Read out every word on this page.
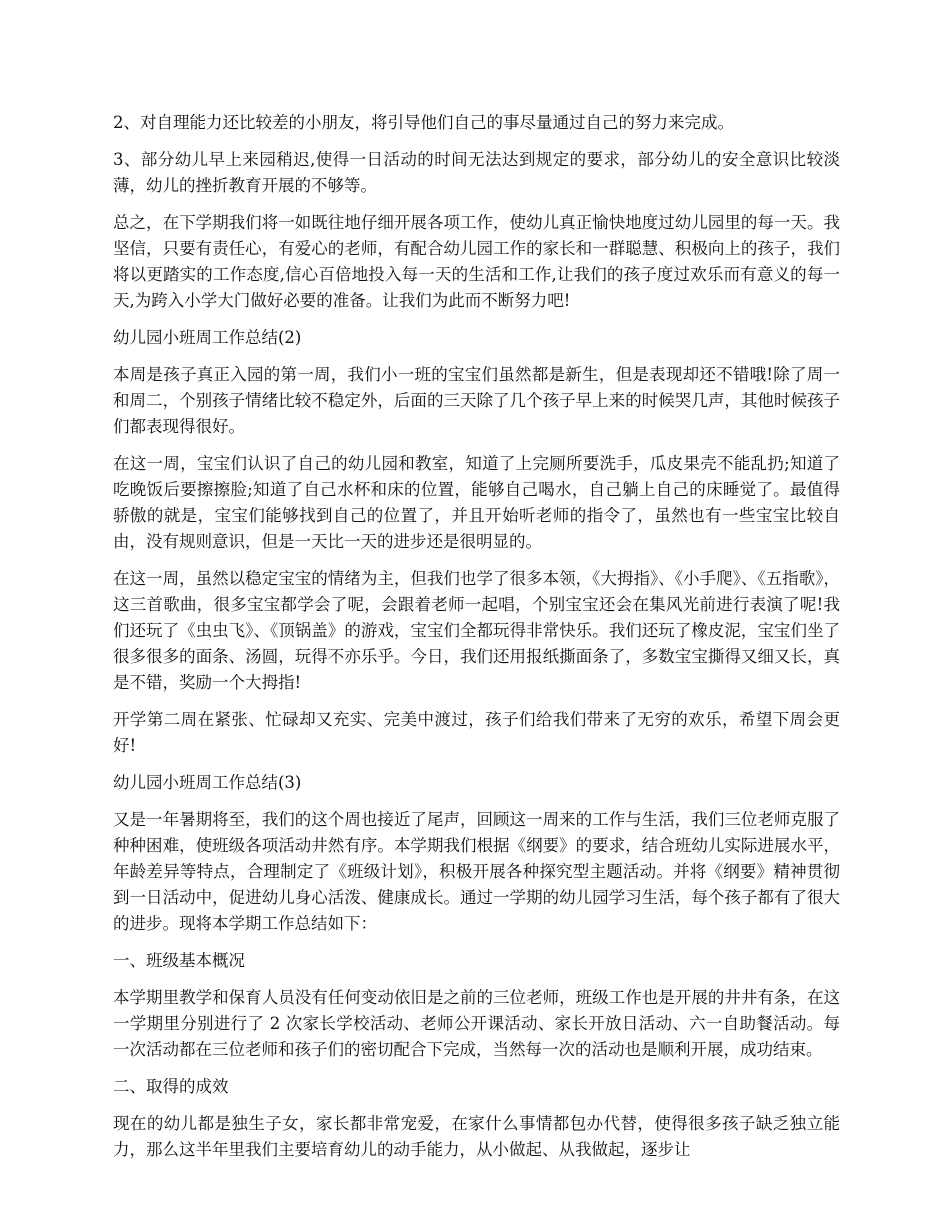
2、对自理能力还比较差的小朋友，将引导他们自己的事尽量通过自己的努力来完成。

3、部分幼儿早上来园稍迟,使得一日活动的时间无法达到规定的要求，部分幼儿的安全意识比较淡薄，幼儿的挫折教育开展的不够等。

总之，在下学期我们将一如既往地仔细开展各项工作，使幼儿真正愉快地度过幼儿园里的每一天。我坚信，只要有责任心，有爱心的老师，有配合幼儿园工作的家长和一群聪慧、积极向上的孩子，我们将以更踏实的工作态度,信心百倍地投入每一天的生活和工作,让我们的孩子度过欢乐而有意义的每一天,为跨入小学大门做好必要的准备。让我们为此而不断努力吧!

幼儿园小班周工作总结(2)

本周是孩子真正入园的第一周，我们小一班的宝宝们虽然都是新生，但是表现却还不错哦!除了周一和周二，个别孩子情绪比较不稳定外，后面的三天除了几个孩子早上来的时候哭几声，其他时候孩子们都表现得很好。

在这一周，宝宝们认识了自己的幼儿园和教室，知道了上完厕所要洗手，瓜皮果壳不能乱扔;知道了吃晚饭后要擦擦脸;知道了自己水杯和床的位置，能够自己喝水，自己躺上自己的床睡觉了。最值得骄傲的就是，宝宝们能够找到自己的位置了，并且开始听老师的指令了，虽然也有一些宝宝比较自由，没有规则意识，但是一天比一天的进步还是很明显的。

在这一周，虽然以稳定宝宝的情绪为主，但我们也学了很多本领，《大拇指》、《小手爬》、《五指歌》，这三首歌曲，很多宝宝都学会了呢，会跟着老师一起唱，个别宝宝还会在集风光前进行表演了呢!我们还玩了《虫虫飞》、《顶锅盖》的游戏，宝宝们全都玩得非常快乐。我们还玩了橡皮泥，宝宝们坐了很多很多的面条、汤圆，玩得不亦乐乎。今日，我们还用报纸撕面条了，多数宝宝撕得又细又长，真是不错，奖励一个大拇指!

开学第二周在紧张、忙碌却又充实、完美中渡过，孩子们给我们带来了无穷的欢乐，希望下周会更好!

幼儿园小班周工作总结(3)

又是一年暑期将至，我们的这个周也接近了尾声，回顾这一周来的工作与生活，我们三位老师克服了种种困难，使班级各项活动井然有序。本学期我们根据《纲要》的要求，结合班幼儿实际进展水平，年龄差异等特点，合理制定了《班级计划》，积极开展各种探究型主题活动。并将《纲要》精神贯彻到一日活动中，促进幼儿身心活泼、健康成长。通过一学期的幼儿园学习生活，每个孩子都有了很大的进步。现将本学期工作总结如下：

一、班级基本概况

本学期里教学和保育人员没有任何变动依旧是之前的三位老师，班级工作也是开展的井井有条，在这一学期里分别进行了 2 次家长学校活动、老师公开课活动、家长开放日活动、六一自助餐活动。每一次活动都在三位老师和孩子们的密切配合下完成，当然每一次的活动也是顺利开展，成功结束。

二、取得的成效

现在的幼儿都是独生子女，家长都非常宠爱，在家什么事情都包办代替，使得很多孩子缺乏独立能力，那么这半年里我们主要培育幼儿的动手能力，从小做起、从我做起，逐步让
